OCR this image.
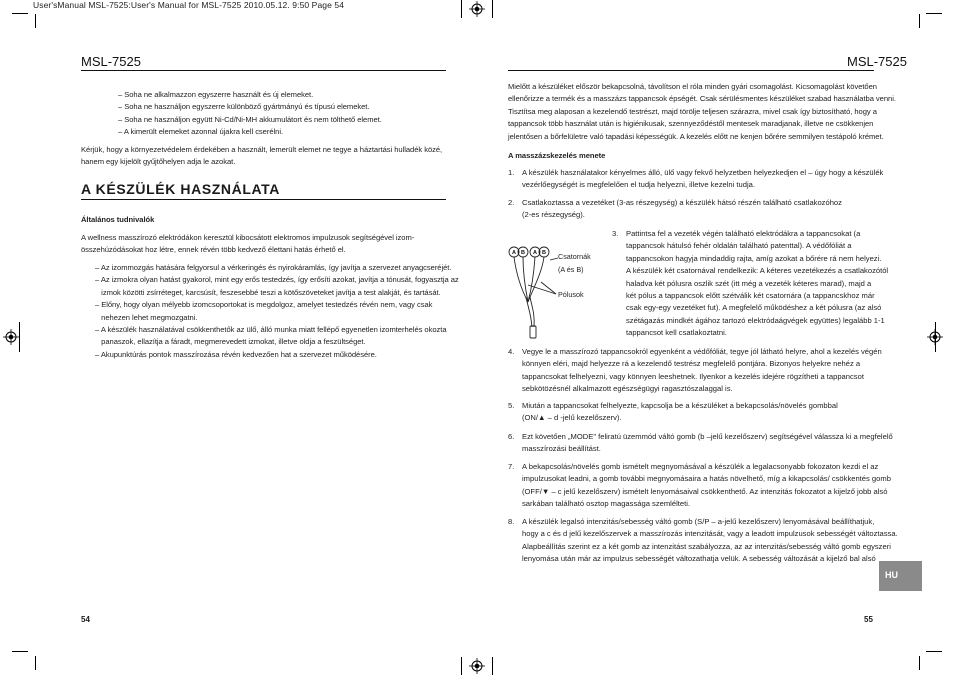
User'sManual MSL-7525:User's Manual for MSL-7525 2010.05.12. 9:50 Page 54
MSL-7525
– Soha ne alkalmazzon egyszerre használt és új elemeket.
– Soha ne használjon egyszerre különböző gyártmányú és típusú elemeket.
– Soha ne használjon együtt Ni-Cd/Ni-MH akkumulátort és nem tölthető elemet.
– A kimerült elemeket azonnal újakra kell cserélni.
Kérjük, hogy a környezetvédelem érdekében a használt, lemerült elemet ne tegye a háztartási hulladék közé,
hanem egy kijelölt gyűjtőhelyen adja le azokat.
A KÉSZÜLÉK HASZNÁLATA
Általános tudnivalók
A wellness masszírozó elektródákon keresztül kibocsátott elektromos impulzusok segítségével izom-
összehúzódásokat hoz létre, ennek révén több kedvező élettani hatás érhető el.
– Az izommozgás hatására felgyorsul a vérkeringés és nyirokáramlás, így javítja a szervezet anyagcseréjét.
– Az izmokra olyan hatást gyakorol, mint egy erős testedzés, így erősíti azokat, javítja a tónusát, fogyasztja az
izmok közötti zsírréteget, karcsúsít, feszesebbé teszi a kötőszöveteket javítja a test alakját, és tartását.
– Előny, hogy olyan mélyebb izomcsoportokat is megdolgoz, amelyet testedzés révén nem, vagy csak
nehezen lehet megmozgatni.
– A készülék használatával csökkenthetők az ülő, álló munka miatt fellépő egyenetlen izomterhelés okozta
panaszok, ellazítja a fáradt, megmerevedett izmokat, illetve oldja a feszültséget.
– Akupunktúrás pontok masszírozása révén kedvezően hat a szervezet működésére.
54
MSL-7525
Mielőtt a készüléket először bekapcsolná, távolítson el róla minden gyári csomagolást. Kicsomagolást követően
ellenőrizze a termék és a masszázs tappancsok épségét. Csak sérülésmentes készüléket szabad használatba venni.
Tisztítsa meg alaposan a kezelendő testrészt, majd törölje teljesen szárazra, mivel csak így biztosítható, hogy a
tappancsok több használat után is higiénikusak, szennyeződéstől mentesek maradjanak, illetve ne csökkenjen
jelentősen a bőrfelületre való tapadási képességük. A kezelés előtt ne kenjen bőrére semmilyen testápoló krémet.
A masszázskezelés menete
1. A készülék használatakor kényelmes álló, ülő vagy fekvő helyzetben helyezkedjen el – úgy hogy a készülék
vezérlőegységét is megfelelően el tudja helyezni, illetve kezelni tudja.
2. Csatlakoztassa a vezetéket (3-as részegység) a készülék hátsó részén található csatlakozóhoz
(2-es részegység).
A B A B Csatornák
(A és B)
Pólusok
3. Pattintsa fel a vezeték végén található elektródákra a tappancsokat (a
tappancsok hátulsó fehér oldalán található patenttal). A védőfóliát a
tappancsokon hagyja mindaddig rajta, amíg azokat a bőrére rá nem helyezi.
A készülék két csatornával rendelkezik: A kéteres vezetékezés a csatlakozótól
haladva két pólusra oszlik szét (itt még a vezeték kéteres marad), majd a
két pólus a tappancsok előtt szétválik két csatornára (a tappancskhoz már
csak egy-egy vezetéket fut). A megfelelő működéshez a két pólusra (az alsó
szétágazás mindkét ágához tartozó elektródaágvégek együttes) legalább 1-1
tappancsot kell csatlakoztatni.
4. Vegye le a masszírozó tappancsokról egyenként a védőfóliát, tegye jól látható helyre, ahol a kezelés végén
könnyen eléri, majd helyezze rá a kezelendő testrész megfelelő pontjára. Bizonyos helyekre nehéz a
tappancsokat felhelyezni, vagy könnyen leeshetnek. Ilyenkor a kezelés idejére rögzítheti a tappancsot
sebkötözésnél alkalmazott egészségügyi ragasztószalaggal is.
5. Miután a tappancsokat felhelyezte, kapcsolja be a készüléket a bekapcsolás/növelés gombbal
(ON/▲ – d -jelű kezelőszerv).
6. Ezt követően „MODE" feliratú üzemmód váltó gomb (b –jelű kezelőszerv) segítségével válassza ki a megfelelő
masszírozási beállítást.
7. A bekapcsolás/növelés gomb ismételt megnyomásával a készülék a legalacsonyabb fokozaton kezdi el az
impulzusokat leadni, a gomb további megnyomásaira a hatás növelhető, míg a kikapcsolás/ csökkentés gomb
(OFF/▼ – c jelű kezelőszerv) ismételt lenyomásaival csökkenthető. Az intenzitás fokozatot a kijelző jobb alsó
sarkában található osztop magassága szemlélteti.
8. A készülék legalsó intenzitás/sebesség váltó gomb (S/P – a-jelű kezelőszerv) lenyomásával beállíthatjuk,
hogy a c és d jelű kezelőszervek a masszírozás intenzitását, vagy a leadott impulzusok sebességét változtassa.
Alapbeállítás szerint ez a két gomb az intenzitást szabályozza, az az intenzitás/sebesség váltó gomb egyszeri
lenyomása után már az impulzus sebességét változathatja velük. A sebesség változását a kijelző bal alsó
HU
55
